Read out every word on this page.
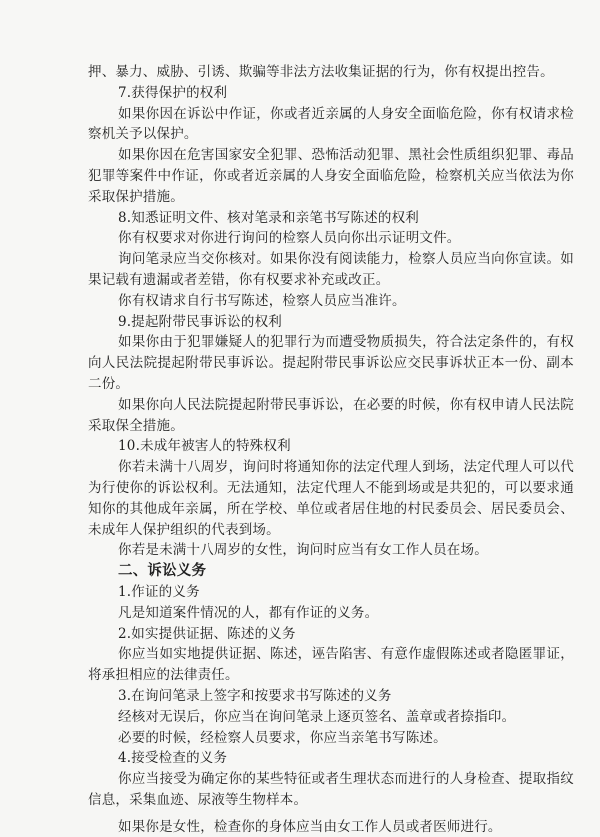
押、暴力、威胁、引诱、欺骗等非法方法收集证据的行为，你有权提出控告。

7.获得保护的权利

如果你因在诉讼中作证，你或者近亲属的人身安全面临危险，你有权请求检察机关予以保护。

如果你因在危害国家安全犯罪、恐怖活动犯罪、黑社会性质组织犯罪、毒品犯罪等案件中作证，你或者近亲属的人身安全面临危险，检察机关应当依法为你采取保护措施。

8.知悉证明文件、核对笔录和亲笔书写陈述的权利

你有权要求对你进行询问的检察人员向你出示证明文件。

询问笔录应当交你核对。如果你没有阅读能力，检察人员应当向你宣读。如果记载有遗漏或者差错，你有权要求补充或改正。

你有权请求自行书写陈述，检察人员应当准许。

9.提起附带民事诉讼的权利

如果你由于犯罪嫌疑人的犯罪行为而遭受物质损失，符合法定条件的，有权向人民法院提起附带民事诉讼。提起附带民事诉讼应交民事诉状正本一份、副本二份。

如果你向人民法院提起附带民事诉讼，在必要的时候，你有权申请人民法院采取保全措施。

10.未成年被害人的特殊权利

你若未满十八周岁，询问时将通知你的法定代理人到场，法定代理人可以代为行使你的诉讼权利。无法通知，法定代理人不能到场或是共犯的，可以要求通知你的其他成年亲属，所在学校、单位或者居住地的村民委员会、居民委员会、未成年人保护组织的代表到场。

你若是未满十八周岁的女性，询问时应当有女工作人员在场。

二、诉讼义务

1.作证的义务

凡是知道案件情况的人，都有作证的义务。

2.如实提供证据、陈述的义务

你应当如实地提供证据、陈述，诬告陷害、有意作虚假陈述或者隐匿罪证，将承担相应的法律责任。

3.在询问笔录上签字和按要求书写陈述的义务

经核对无误后，你应当在询问笔录上逐页签名、盖章或者捺指印。

必要的时候，经检察人员要求，你应当亲笔书写陈述。

4.接受检查的义务

你应当接受为确定你的某些特征或者生理状态而进行的人身检查、提取指纹信息，采集血迹、尿液等生物样本。

如果你是女性，检查你的身体应当由女工作人员或者医师进行。
